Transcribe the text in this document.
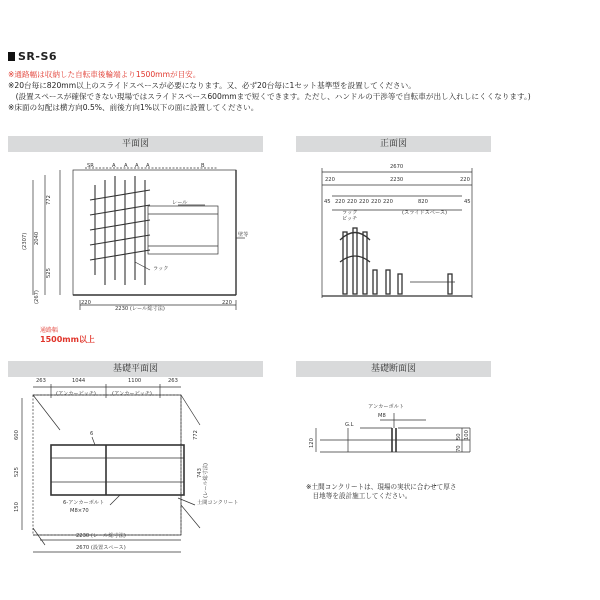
SR-S6
※通路幅は収納した自転車後輪端より1500mmが目安。
※20台毎に820mm以上のスライドスペースが必要になります。又、必ず20台毎に1セット基準型を設置してください。
　(設置スペースが確保できない現場ではスライドスペース600mmまで短くできます。ただし、ハンドルの干渉等で自転車が出し入れしにくくなります。)
※床面の勾配は横方向0.5%、前後方向1%以下の面に設置してください。
平面図	正面図
基礎平面図	基礎断面図
SR	A A A A	B
レール
ラック
壁等
2230 (レール総寸法)
220	220
772
2040
(2307)
525
(267)
通路幅
1500mm以上
2670
220	2230	220
45	45
220 220 220 220 220	820
ラック
ピッチ
(スライドスペース)
263	1044	1100	263
(アンカーピッチ)	(アンカーピッチ)
6
600	772
525	743 (レール総寸法)
150	6-アンカーボルト
M8×70
土間コンクリート
2230 (レール総寸法)
2670 (設置スペース)
アンカーボルト
M8
G.L
120
50 100
70
※土間コンクリートは、現場の実状に合わせて厚さ
　目地等を設計施工してください。
